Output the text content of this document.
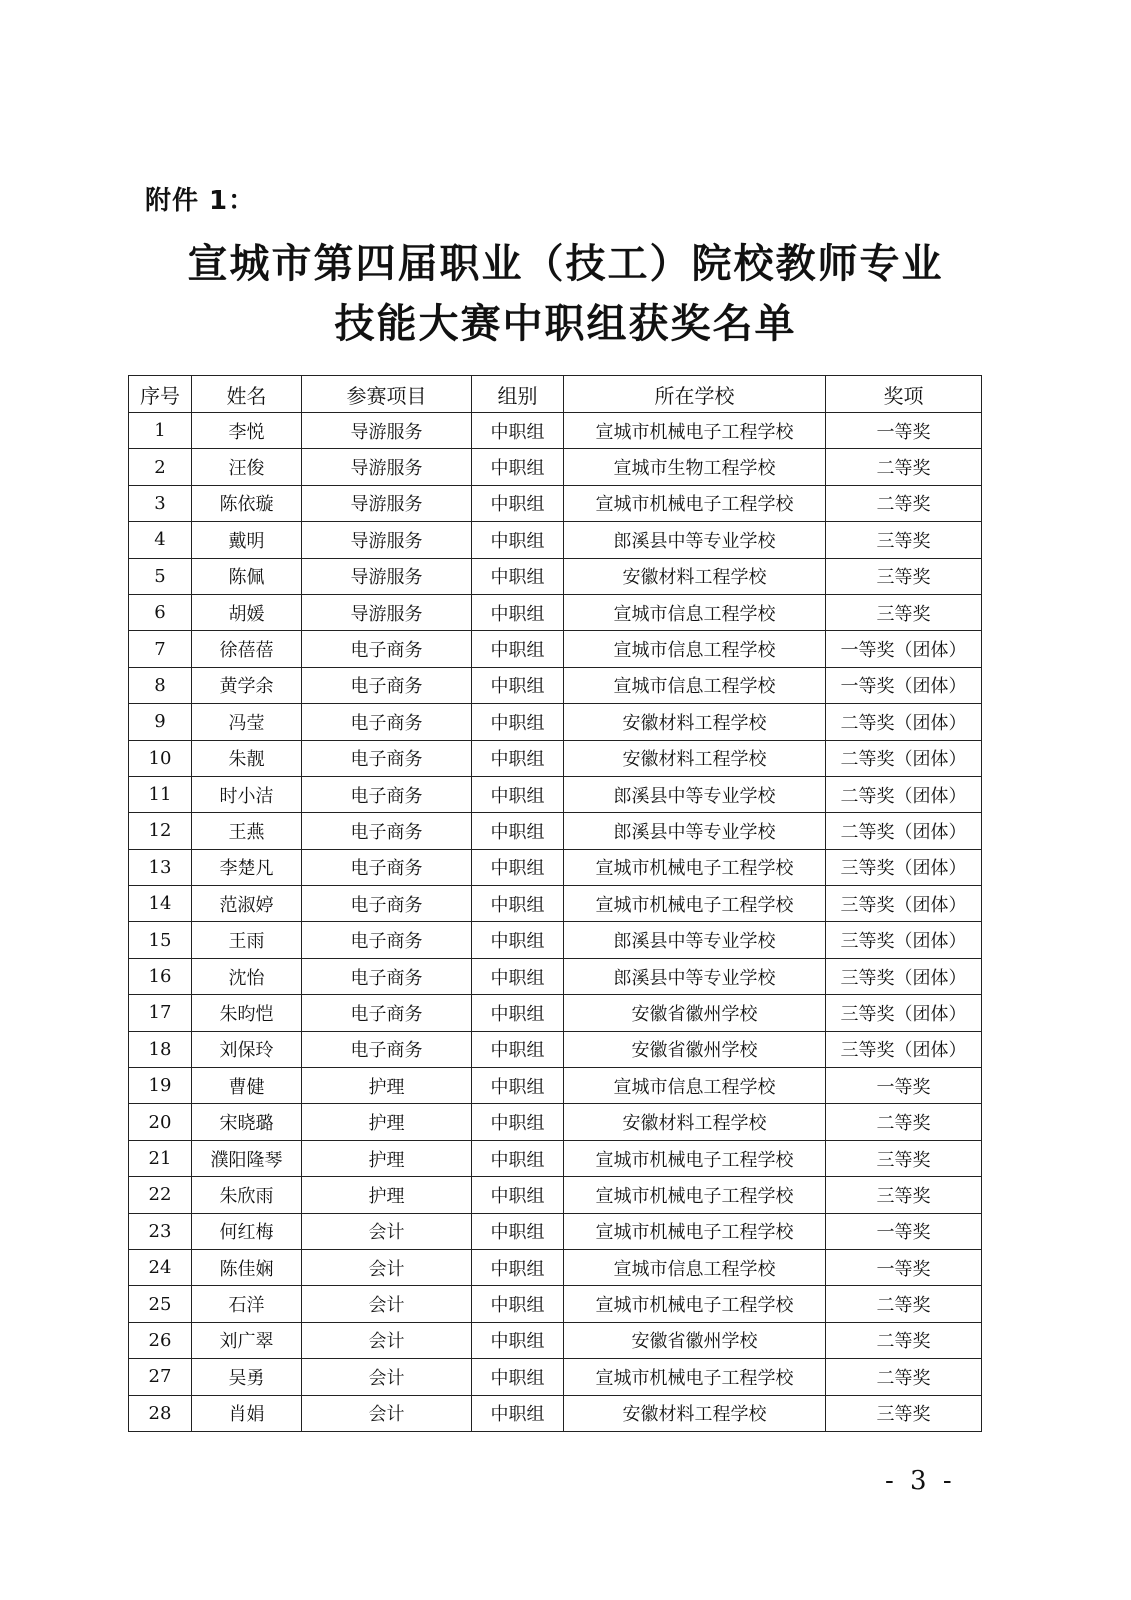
附件 1：
宣城市第四届职业（技工）院校教师专业
技能大赛中职组获奖名单
序号	姓名	参赛项目	组别	所在学校	奖项
1	李悦	导游服务	中职组	宣城市机械电子工程学校	一等奖
2	汪俊	导游服务	中职组	宣城市生物工程学校	二等奖
3	陈依璇	导游服务	中职组	宣城市机械电子工程学校	二等奖
4	戴明	导游服务	中职组	郎溪县中等专业学校	三等奖
5	陈佩	导游服务	中职组	安徽材料工程学校	三等奖
6	胡媛	导游服务	中职组	宣城市信息工程学校	三等奖
7	徐蓓蓓	电子商务	中职组	宣城市信息工程学校	一等奖（团体）
8	黄学余	电子商务	中职组	宣城市信息工程学校	一等奖（团体）
9	冯莹	电子商务	中职组	安徽材料工程学校	二等奖（团体）
10	朱靓	电子商务	中职组	安徽材料工程学校	二等奖（团体）
11	时小洁	电子商务	中职组	郎溪县中等专业学校	二等奖（团体）
12	王燕	电子商务	中职组	郎溪县中等专业学校	二等奖（团体）
13	李楚凡	电子商务	中职组	宣城市机械电子工程学校	三等奖（团体）
14	范淑婷	电子商务	中职组	宣城市机械电子工程学校	三等奖（团体）
15	王雨	电子商务	中职组	郎溪县中等专业学校	三等奖（团体）
16	沈怡	电子商务	中职组	郎溪县中等专业学校	三等奖（团体）
17	朱昀恺	电子商务	中职组	安徽省徽州学校	三等奖（团体）
18	刘保玲	电子商务	中职组	安徽省徽州学校	三等奖（团体）
19	曹健	护理	中职组	宣城市信息工程学校	一等奖
20	宋晓璐	护理	中职组	安徽材料工程学校	二等奖
21	濮阳隆琴	护理	中职组	宣城市机械电子工程学校	三等奖
22	朱欣雨	护理	中职组	宣城市机械电子工程学校	三等奖
23	何红梅	会计	中职组	宣城市机械电子工程学校	一等奖
24	陈佳娴	会计	中职组	宣城市信息工程学校	一等奖
25	石洋	会计	中职组	宣城市机械电子工程学校	二等奖
26	刘广翠	会计	中职组	安徽省徽州学校	二等奖
27	吴勇	会计	中职组	宣城市机械电子工程学校	二等奖
28	肖娟	会计	中职组	安徽材料工程学校	三等奖
- 3 -
